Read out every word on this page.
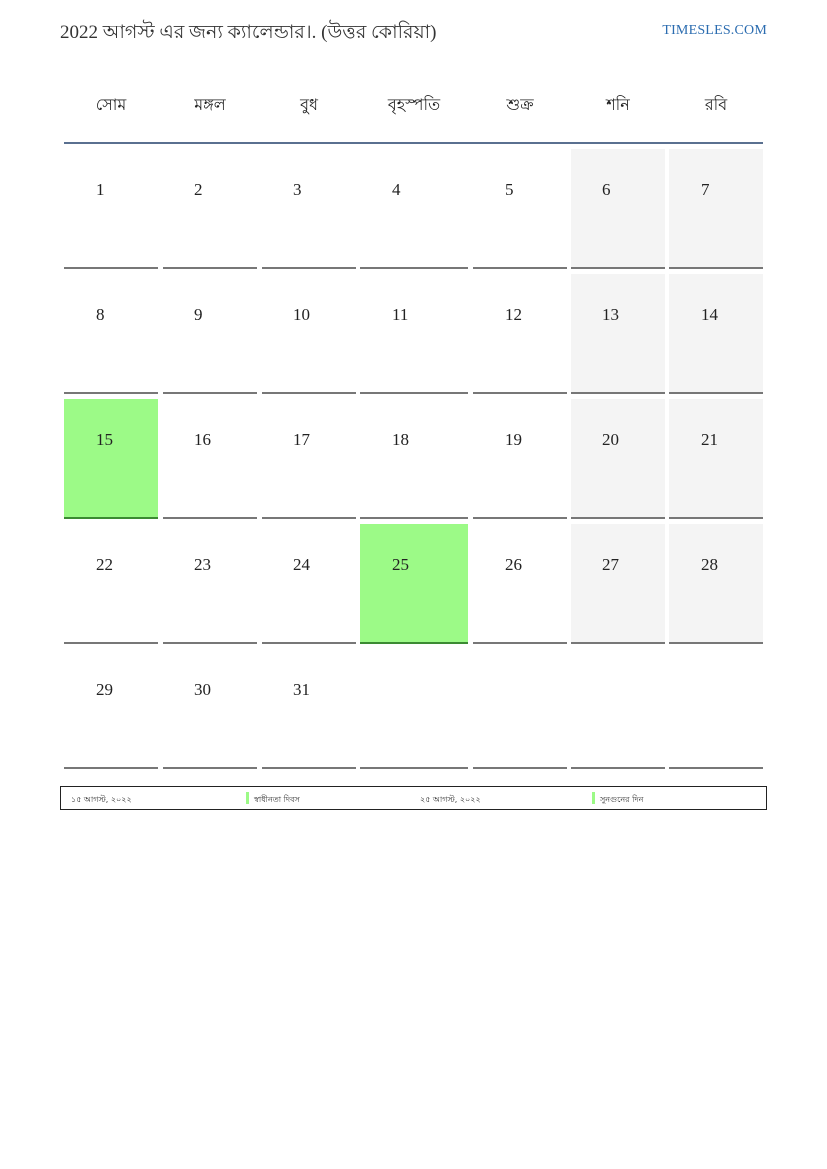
2022 আগস্ট এর জন্য ক্যালেন্ডার।. (উত্তর কোরিয়া)	TIMESLES.COM
সোম	মঙ্গল	বুধ	বৃহস্পতি	শুক্র	শনি	রবি
1	2	3	4	5	6	7
8	9	10	11	12	13	14
15	16	17	18	19	20	21
22	23	24	25	26	27	28
29	30	31
১৫ আগস্ট, ২০২২	স্বাধীনতা দিবস	২৫ আগস্ট, ২০২২	সুনগুনের দিন
